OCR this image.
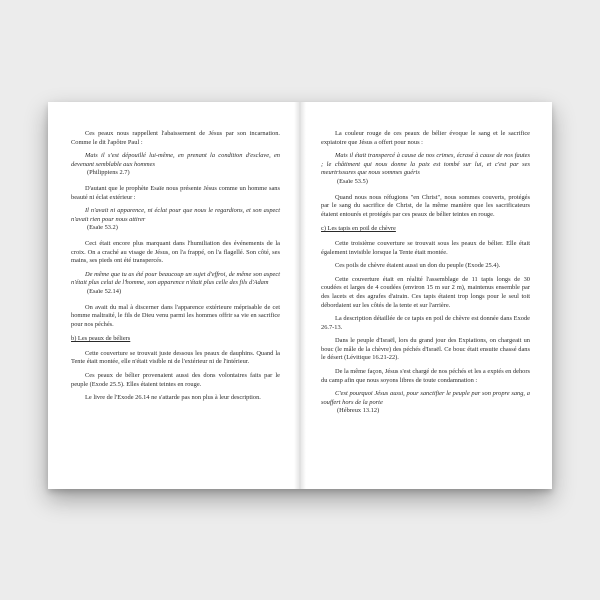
Ces peaux nous rappellent l'abaissement de Jésus par son incarnation. Comme le dit l'apôtre Paul :

Mais il s'est dépouillé lui-même, en prenant la condition d'esclave, en devenant semblable aux hommes

(Philippiens 2.7)

D'autant que le prophète Esaïe nous présente Jésus comme un homme sans beauté ni éclat extérieur :

Il n'avait ni apparence, ni éclat pour que nous le regardions, et son aspect n'avait rien pour nous attirer

(Esaïe 53.2)

Ceci était encore plus marquant dans l'humiliation des événements de la croix. On a craché au visage de Jésus, on l'a frappé, on l'a flagellé. Son côté, ses mains, ses pieds ont été transpercés.

De même que tu as été pour beaucoup un sujet d'effroi, de même son aspect n'était plus celui de l'homme, son apparence n'était plus celle des fils d'Adam

(Esaïe 52.14)

On avait du mal à discerner dans l'apparence extérieure méprisable de cet homme maltraité, le fils de Dieu venu parmi les hommes offrir sa vie en sacrifice pour nos péchés.

b) Les peaux de béliers

Cette couverture se trouvait juste dessous les peaux de dauphins. Quand la Tente était montée, elle n'était visible ni de l'extérieur ni de l'intérieur.

Ces peaux de bélier provenaient aussi des dons volontaires faits par le peuple (Exode 25.5). Elles étaient teintes en rouge.

Le livre de l'Exode 26.14 ne s'attarde pas non plus à leur description.

La couleur rouge de ces peaux de bélier évoque le sang et le sacrifice expiatoire que Jésus a offert pour nous :

Mais il était transpercé à cause de nos crimes, écrasé à cause de nos fautes ; le châtiment qui nous donne la paix est tombé sur lui, et c'est par ses meurtrissures que nous sommes guéris

(Esaïe 53.5)

Quand nous nous réfugions "en Christ", nous sommes couverts, protégés par le sang du sacrifice de Christ, de la même manière que les sacrificateurs étaient entourés et protégés par ces peaux de bélier teintes en rouge.

c) Les tapis en poil de chèvre

Cette troisième couverture se trouvait sous les peaux de bélier. Elle était également invisible lorsque la Tente était montée.

Ces poils de chèvre étaient aussi un don du peuple (Exode 25.4).

Cette couverture était en réalité l'assemblage de 11 tapis longs de 30 coudées et larges de 4 coudées (environ 15 m sur 2 m), maintenus ensemble par des lacets et des agrafes d'airain. Ces tapis étaient trop longs pour le seul toit débordaient sur les côtés de la tente et sur l'arrière.

La description détaillée de ce tapis en poil de chèvre est donnée dans Exode 26.7-13.

Dans le peuple d'Israël, lors du grand jour des Expiations, on chargeait un bouc (le mâle de la chèvre) des péchés d'Israël. Ce bouc était ensuite chassé dans le désert (Lévitique 16.21-22).

De la même façon, Jésus s'est chargé de nos péchés et les a expiés en dehors du camp afin que nous soyons libres de toute condamnation :

C'est pourquoi Jésus aussi, pour sanctifier le peuple par son propre sang, a souffert hors de la porte

(Hébreux 13.12)
